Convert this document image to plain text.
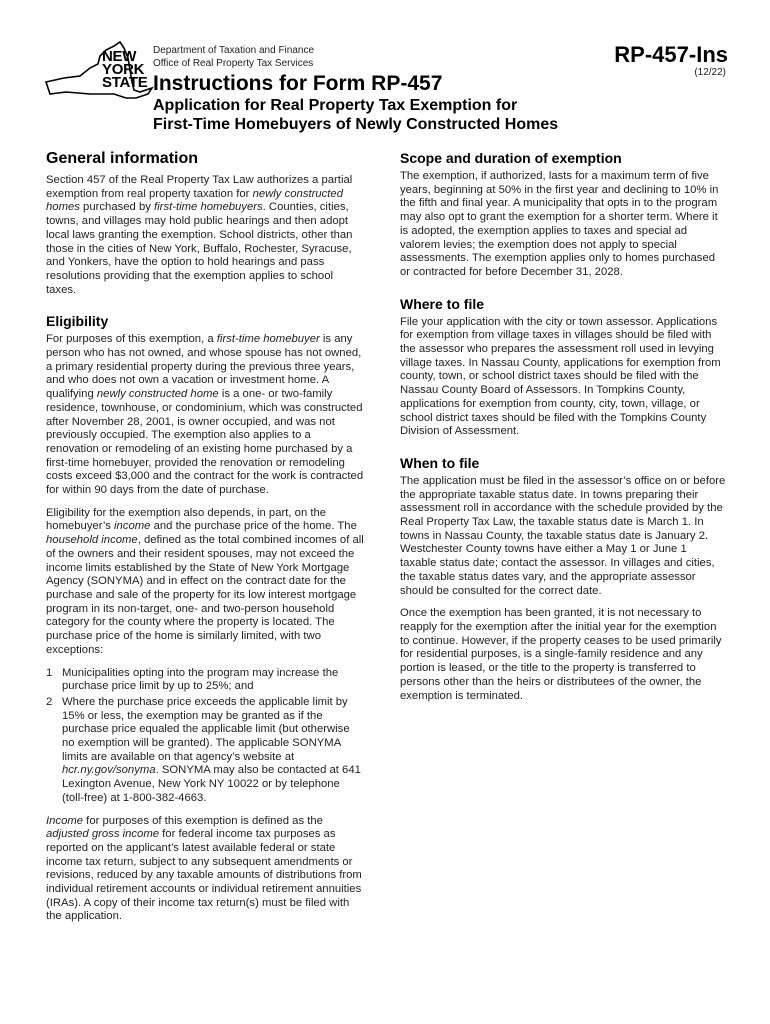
NEW
YORK
STATE
Department of Taxation and Finance
Office of Real Property Tax Services
Instructions for Form RP-457
Application for Real Property Tax Exemption for
First-Time Homebuyers of Newly Constructed Homes
RP-457-Ins
(12/22)
General information

Section 457 of the Real Property Tax Law authorizes a partial exemption from real property taxation for newly constructed homes purchased by first-time homebuyers. Counties, cities, towns, and villages may hold public hearings and then adopt local laws granting the exemption. School districts, other than those in the cities of New York, Buffalo, Rochester, Syracuse, and Yonkers, have the option to hold hearings and pass resolutions providing that the exemption applies to school taxes.

Eligibility

For purposes of this exemption, a first-time homebuyer is any person who has not owned, and whose spouse has not owned, a primary residential property during the previous three years, and who does not own a vacation or investment home. A qualifying newly constructed home is a one- or two-family residence, townhouse, or condominium, which was constructed after November 28, 2001, is owner occupied, and was not previously occupied. The exemption also applies to a renovation or remodeling of an existing home purchased by a first-time homebuyer, provided the renovation or remodeling costs exceed $3,000 and the contract for the work is contracted for within 90 days from the date of purchase.

Eligibility for the exemption also depends, in part, on the homebuyer’s income and the purchase price of the home. The household income, defined as the total combined incomes of all of the owners and their resident spouses, may not exceed the income limits established by the State of New York Mortgage Agency (SONYMA) and in effect on the contract date for the purchase and sale of the property for its low interest mortgage program in its non-target, one- and two-person household category for the county where the property is located. The purchase price of the home is similarly limited, with two exceptions:

1 Municipalities opting into the program may increase the purchase price limit by up to 25%; and
2 Where the purchase price exceeds the applicable limit by 15% or less, the exemption may be granted as if the purchase price equaled the applicable limit (but otherwise no exemption will be granted). The applicable SONYMA limits are available on that agency’s website at hcr.ny.gov/sonyma. SONYMA may also be contacted at 641 Lexington Avenue, New York NY 10022 or by telephone (toll-free) at 1-800-382-4663.

Income for purposes of this exemption is defined as the adjusted gross income for federal income tax purposes as reported on the applicant’s latest available federal or state income tax return, subject to any subsequent amendments or revisions, reduced by any taxable amounts of distributions from individual retirement accounts or individual retirement annuities (IRAs). A copy of their income tax return(s) must be filed with the application.

Scope and duration of exemption

The exemption, if authorized, lasts for a maximum term of five years, beginning at 50% in the first year and declining to 10% in the fifth and final year. A municipality that opts in to the program may also opt to grant the exemption for a shorter term. Where it is adopted, the exemption applies to taxes and special ad valorem levies; the exemption does not apply to special assessments. The exemption applies only to homes purchased or contracted for before December 31, 2028.

Where to file

File your application with the city or town assessor. Applications for exemption from village taxes in villages should be filed with the assessor who prepares the assessment roll used in levying village taxes. In Nassau County, applications for exemption from county, town, or school district taxes should be filed with the Nassau County Board of Assessors. In Tompkins County, applications for exemption from county, city, town, village, or school district taxes should be filed with the Tompkins County Division of Assessment.

When to file

The application must be filed in the assessor’s office on or before the appropriate taxable status date. In towns preparing their assessment roll in accordance with the schedule provided by the Real Property Tax Law, the taxable status date is March 1. In towns in Nassau County, the taxable status date is January 2. Westchester County towns have either a May 1 or June 1 taxable status date; contact the assessor. In villages and cities, the taxable status dates vary, and the appropriate assessor should be consulted for the correct date.

Once the exemption has been granted, it is not necessary to reapply for the exemption after the initial year for the exemption to continue. However, if the property ceases to be used primarily for residential purposes, is a single-family residence and any portion is leased, or the title to the property is transferred to persons other than the heirs or distributees of the owner, the exemption is terminated.
